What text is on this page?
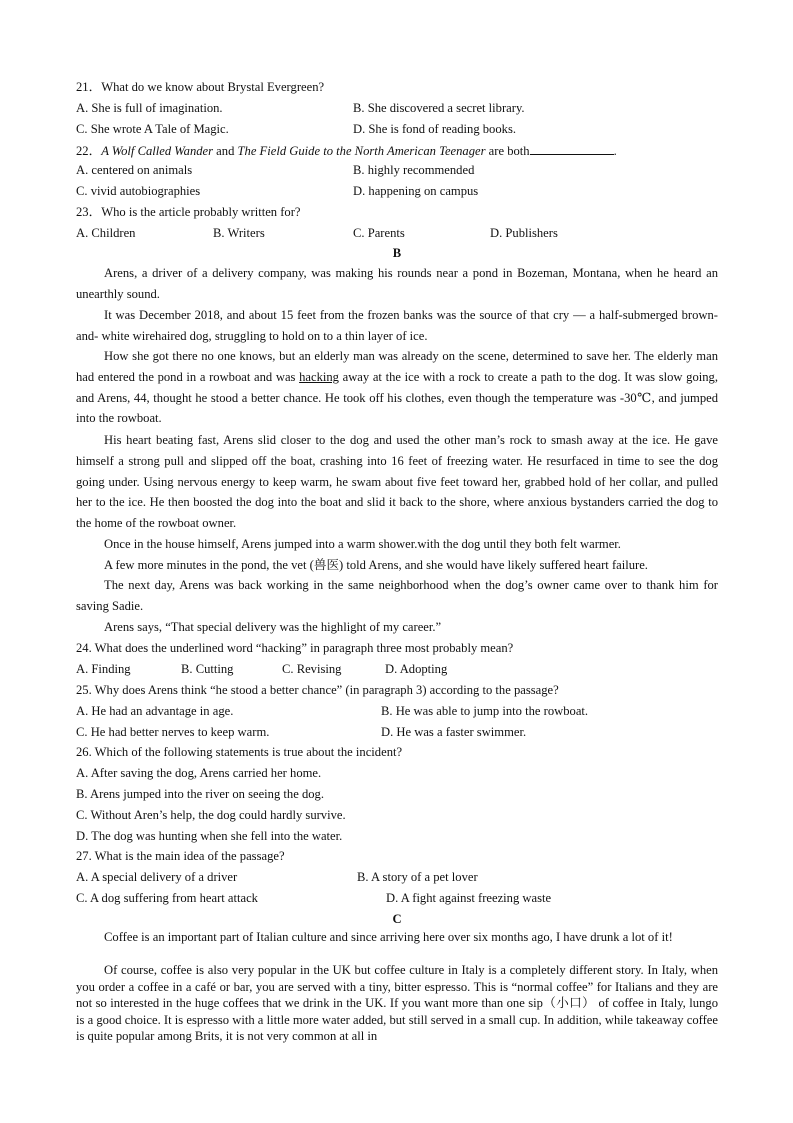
21．What do we know about Brystal Evergreen?
A. She is full of imagination.	B. She discovered a secret library.
C. She wrote A Tale of Magic.	D. She is fond of reading books.
22．A Wolf Called Wander and The Field Guide to the North American Teenager are both	.
A. centered on animals	B. highly recommended
C. vivid autobiographies	D. happening on campus
23．Who is the article probably written for?
A. Children	B. Writers	C. Parents	D. Publishers
B
Arens, a driver of a delivery company, was making his rounds near a pond in Bozeman, Montana, when he heard an unearthly sound.
It was December 2018, and about 15 feet from the frozen banks was the source of that cry — a half-submerged brown-and- white wirehaired dog, struggling to hold on to a thin layer of ice.
How she got there no one knows, but an elderly man was already on the scene, determined to save her. The elderly man had entered the pond in a rowboat and was hacking away at the ice with a rock to create a path to the dog. It was slow going, and Arens, 44, thought he stood a better chance. He took off his clothes, even though the temperature was -30℃, and jumped into the rowboat.
His heart beating fast, Arens slid closer to the dog and used the other man’s rock to smash away at the ice. He gave himself a strong pull and slipped off the boat, crashing into 16 feet of freezing water. He resurfaced in time to see the dog going under. Using nervous energy to keep warm, he swam about five feet toward her, grabbed hold of her collar, and pulled her to the ice. He then boosted the dog into the boat and slid it back to the shore, where anxious bystanders carried the dog to the home of the rowboat owner.
Once in the house himself, Arens jumped into a warm shower.with the dog until they both felt warmer.
A few more minutes in the pond, the vet (兽医) told Arens, and she would have likely suffered heart failure.
The next day, Arens was back working in the same neighborhood when the dog’s owner came over to thank him for saving Sadie.
Arens says, “That special delivery was the highlight of my career.”
24. What does the underlined word “hacking” in paragraph three most probably mean?
A. Finding	B. Cutting	C. Revising	D. Adopting
25. Why does Arens think “he stood a better chance” (in paragraph 3) according to the passage?
A. He had an advantage in age.	B. He was able to jump into the rowboat.
C. He had better nerves to keep warm.	D. He was a faster swimmer.
26. Which of the following statements is true about the incident?
A. After saving the dog, Arens carried her home.
B. Arens jumped into the river on seeing the dog.
C. Without Aren’s help, the dog could hardly survive.
D. The dog was hunting when she fell into the water.
27. What is the main idea of the passage?
A. A special delivery of a driver	B. A story of a pet lover
C. A dog suffering from heart attack	D. A fight against freezing waste
C
Coffee is an important part of Italian culture and since arriving here over six months ago, I have drunk a lot of it!
Of course, coffee is also very popular in the UK but coffee culture in Italy is a completely different story. In Italy, when you order a coffee in a café or bar, you are served with a tiny, bitter espresso. This is “normal coffee” for Italians and they are not so interested in the huge coffees that we drink in the UK. If you want more than one sip（小口） of coffee in Italy, lungo is a good choice. It is espresso with a little more water added, but still served in a small cup. In addition, while takeaway coffee is quite popular among Brits, it is not very common at all in
